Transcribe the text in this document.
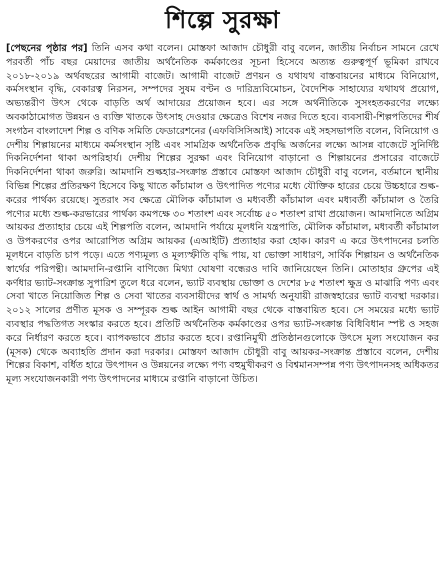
শিল্পে সুরক্ষা

[পেছনের পৃষ্ঠার পর] তিনি এসব কথা বলেন। মোস্তফা আজাদ চৌধুরী বাবু বলেন, জাতীয় নির্বাচন সামনে রেখে পরবর্তী পাঁচ বছর মেয়াদের জাতীয় অর্থনৈতিক কর্মকাণ্ডের সূচনা হিসেবে অত্যন্ত গুরুত্বপূর্ণ ভূমিকা রাখবে ২০১৮-২০১৯ অর্থবছরের আগামী বাজেট। আগামী বাজেট প্রণয়ন ও যথাযথ বাস্তবায়নের মাধ্যমে বিনিয়োগ, কর্মসংস্থান বৃদ্ধি, বেকারত্ব নিরসন, সম্পদের সুষম বণ্টন ও দারিদ্র্যবিমোচন, বৈদেশিক সাহায্যের যথাযথ প্রয়োগ, অভ্যন্তরীণ উৎস থেকে বাড়তি অর্থ আদায়ের প্রয়োজন হবে। এর সঙ্গে অর্থনীতিকে সুসংহতকরণের লক্ষ্যে অবকাঠামোগত উন্নয়ন ও ব্যক্তি খাতকে উৎসাহ দেওয়ার ক্ষেত্রেও বিশেষ নজর দিতে হবে। ব্যবসায়ী-শিল্পপতিদের শীর্ষ সংগঠন বাংলাদেশ শিল্প ও বণিক সমিতি ফেডারেশনের (এফবিসিসিআই) সাবেক এই সহসভাপতি বলেন, বিনিয়োগ ও দেশীয় শিল্পায়নের মাধ্যমে কর্মসংস্থান সৃষ্টি এবং সামগ্রিক অর্থনৈতিক প্রবৃদ্ধি অর্জনের লক্ষ্যে আসন্ন বাজেটে সুনির্দিষ্ট দিকনির্দেশনা থাকা অপরিহার্য। দেশীয় শিল্পের সুরক্ষা এবং বিনিয়োগ বাড়ানো ও শিল্পায়নের প্রসারের বাজেটে দিকনির্দেশনা থাকা জরুরি। আমদানি শুল্কহার-সংক্রান্ত প্রস্তাবে মোস্তফা আজাদ চৌধুরী বাবু বলেন, বর্তমানে স্থানীয় বিভিন্ন শিল্পের প্রতিরক্ষণ হিসেবে কিছু খাতে কাঁচামাল ও উৎপাদিত পণ্যের মধ্যে যৌক্তিক হারের চেয়ে উচ্চহারে শুল্ক-করের পার্থক্য রয়েছে। সুতরাং সব ক্ষেত্রে মৌলিক কাঁচামাল ও মধ্যবর্তী কাঁচামাল এবং মধ্যবর্তী কাঁচামাল ও তৈরি পণ্যের মধ্যে শুল্ক-করভারের পার্থক্য কমপক্ষে ৩০ শতাংশ এবং সর্বোচ্চ ৫০ শতাংশ রাখা প্রয়োজন। আমদানিতে অগ্রিম আয়কর প্রত্যাহার চেয়ে এই শিল্পপতি বলেন, আমদানি পর্যায়ে মূলধনি যন্ত্রপাতি, মৌলিক কাঁচামাল, মধ্যবর্তী কাঁচামাল ও উপকরণের ওপর আরোপিত অগ্রিম আয়কর (এআইটি) প্রত্যাহার করা হোক। কারণ এ করে উৎপাদনের চলতি মূলধনে বাড়তি চাপ পড়ে। এতে পণ্যমূল্য ও মূল্যস্ফীতি বৃদ্ধি পায়, যা ভোক্তা সাধারণ, সার্বিক শিল্পায়ন ও অর্থনৈতিক স্বার্থের পরিপন্থী। আমদানি-রপ্তানি বাণিজ্যে মিথ্যা ঘোষণা বন্ধেরও দাবি জানিয়েছেন তিনি। মোতাহার গ্রুপের এই কর্ণধার ভ্যাট-সংক্রান্ত সুপারিশ তুলে ধরে বলেন, ভ্যাট ব্যবস্থায় ভোক্তা ও দেশের ৮৫ শতাংশ ক্ষুদ্র ও মাঝারি পণ্য এবং সেবা খাতে নিয়োজিত শিল্প ও সেবা খাতের ব্যবসায়ীদের স্বার্থ ও সামর্থ্য অনুযায়ী রাজস্বহারের ভ্যাট ব্যবস্থা দরকার। ২০১২ সালের প্রণীত মূসক ও সম্পূরক শুল্ক আইন আগামী বছর থেকে বাস্তবায়িত হবে। সে সময়ের মধ্যে ভ্যাট ব্যবস্থার পদ্ধতিগত সংস্কার করতে হবে। প্রতিটি অর্থনৈতিক কর্মকাণ্ডের ওপর ভ্যাট-সংক্রান্ত বিধিবিধান স্পষ্ট ও সহজ করে নির্ধারণ করতে হবে। ব্যাপকভাবে প্রচার করতে হবে। রপ্তানিমুখী প্রতিষ্ঠানগুলোকে উৎসে মূল্য সংযোজন কর (মূসক) থেকে অব্যাহতি প্রদান করা দরকার। মোস্তফা আজাদ চৌধুরী বাবু আয়কর-সংক্রান্ত প্রস্তাবে বলেন, দেশীয় শিল্পের বিকাশ, বর্ধিত হারে উৎপাদন ও উন্নয়নের লক্ষ্যে পণ্য বহুমুখীকরণ ও বিশ্বমানসম্পন্ন পণ্য উৎপাদনসহ অধিকতর মূল্য সংযোজনকারী পণ্য উৎপাদনের মাধ্যমে রপ্তানি বাড়ানো উচিত।
